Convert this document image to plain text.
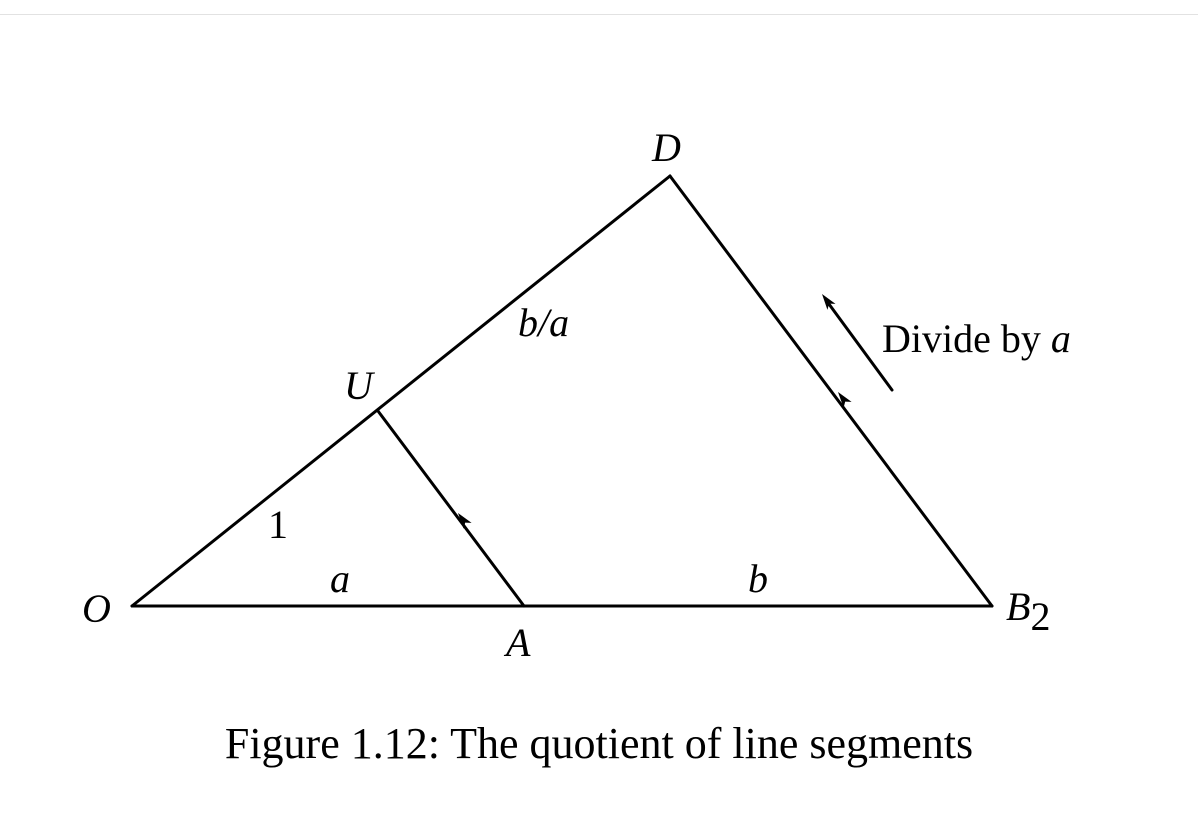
O
A
U
D
B2
1
a	b
b/a	Divide by a
Figure 1.12: The quotient of line segments
